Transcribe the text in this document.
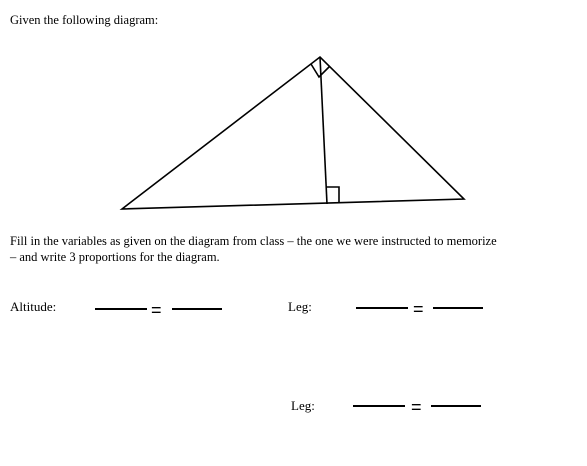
Given the following diagram:
Fill in the variables as given on the diagram from class – the one we were instructed to memorize
– and write 3 proportions for the diagram.
Altitude:	=	Leg:	=
Leg:	=
